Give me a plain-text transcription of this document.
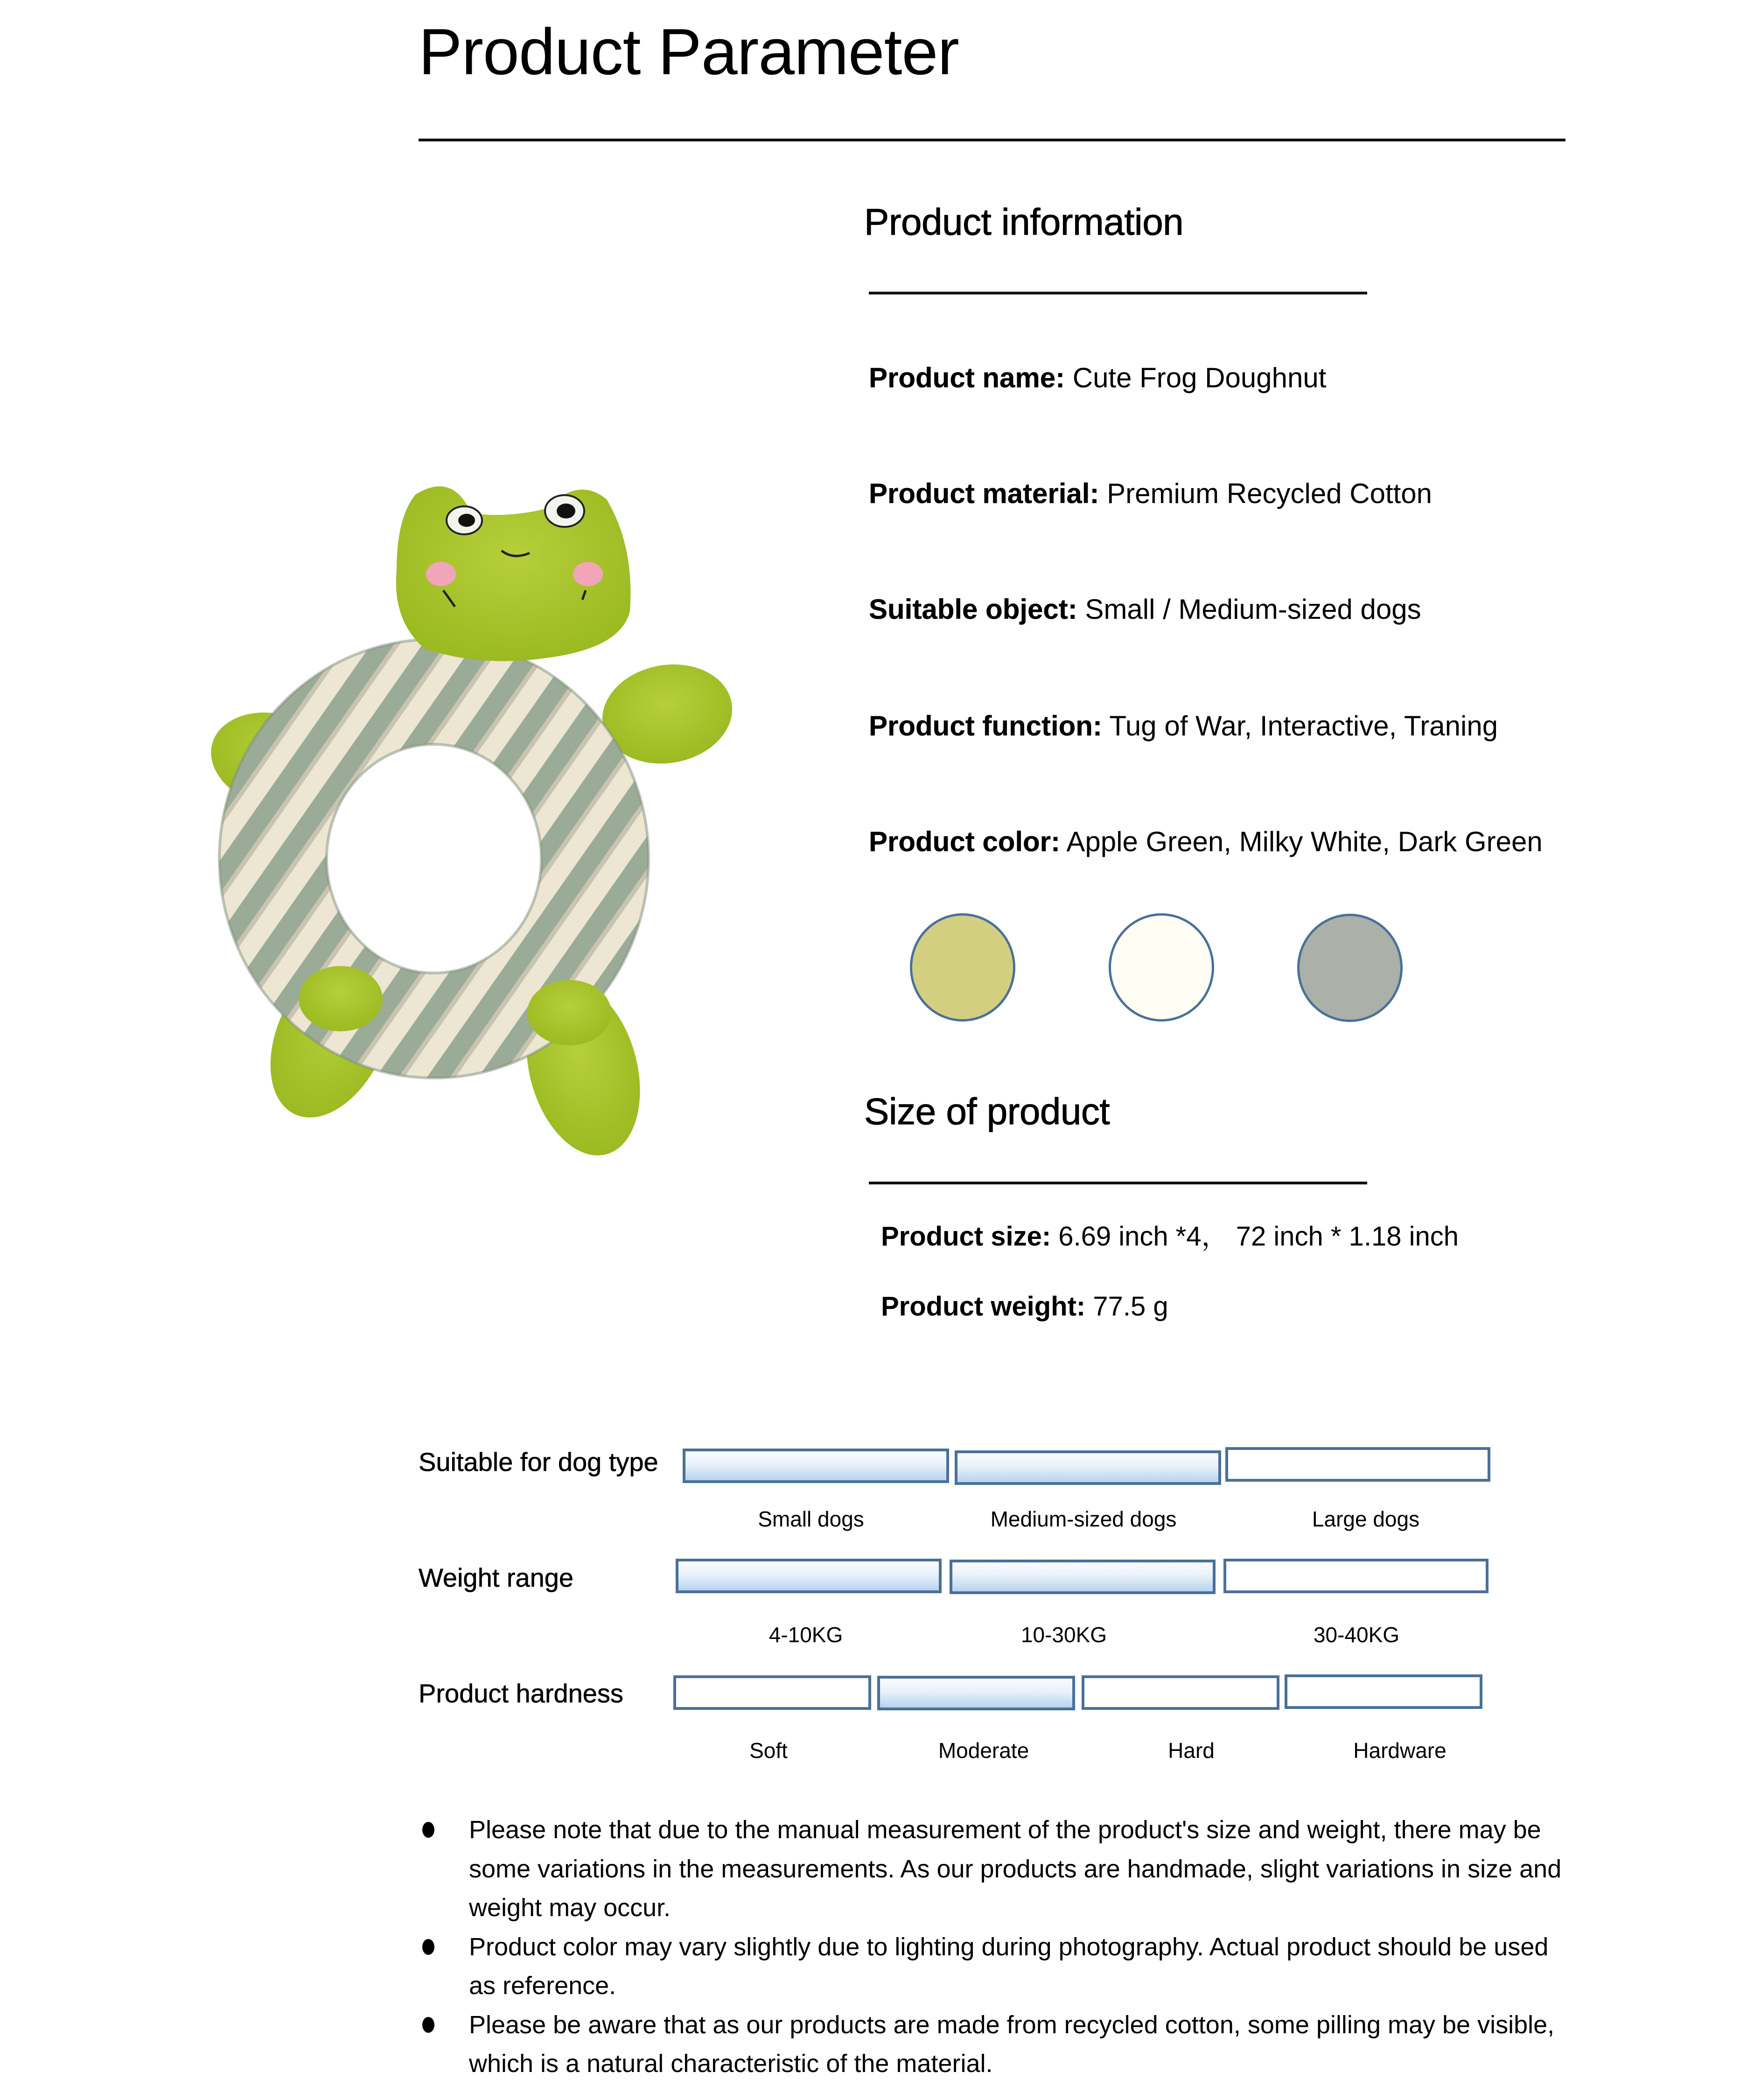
Product Parameter
Product information
Product name: Cute Frog Doughnut
Product material: Premium Recycled Cotton
Suitable object: Small / Medium-sized dogs
Product function: Tug of War, Interactive, Traning
Product color: Apple Green, Milky White, Dark Green
Size of product
Product size: 6.69 inch *4， 72 inch * 1.18 inch
Product weight: 77.5 g
Suitable for dog type
Small dogs	Medium-sized dogs	Large dogs
Weight range
4-10KG	10-30KG	30-40KG
Product hardness
Soft	Moderate	Hard	Hardware
Please note that due to the manual measurement of the product's size and weight, there may be some variations in the measurements. As our products are handmade, slight variations in size and weight may occur.
Product color may vary slightly due to lighting during photography. Actual product should be used as reference.
Please be aware that as our products are made from recycled cotton, some pilling may be visible, which is a natural characteristic of the material.
